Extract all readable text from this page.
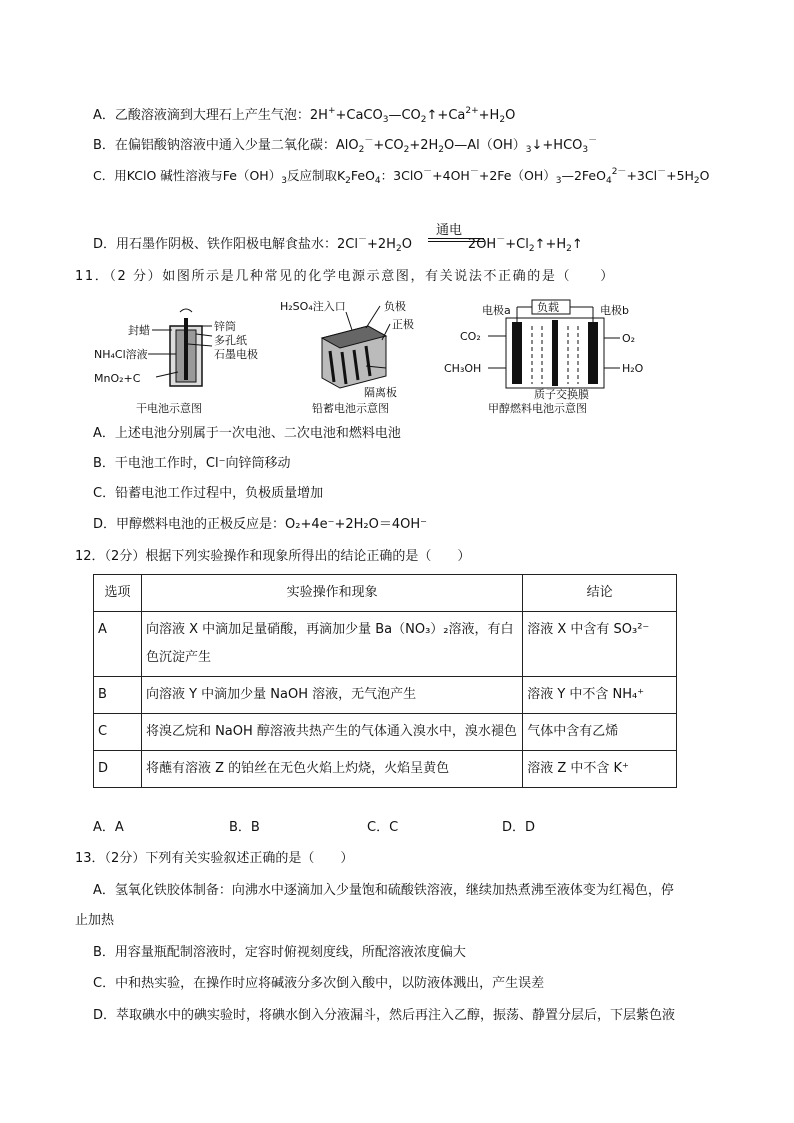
A．乙酸溶液滴到大理石上产生气泡：$2H^++CaCO_3—CO_2↑+Ca^{2+}+H_2O$
B．在偏铝酸钠溶液中通入少量二氧化碳：$AlO_2^-+CO_2+2H_2O—Al(OH)_3↓+HCO_3^-$
C．用KClO 碱性溶液与$Fe(OH)_3$反应制取$K_2FeO_4$：$3ClO^-+4OH^-+2Fe(OH)_3—2FeO_4^{2-}+3Cl^-+5H_2O$
通电
D．用石墨作阴极、铁作阳极电解食盐水：$2Cl^-+2H_2O$	$2OH^-+Cl_2↑+H_2↑$
11．（2 分）如图所示是几种常见的化学电源示意图，有关说法不正确的是（　　）
封蜡	锌筒
多孔纸
石墨电极
NH₄Cl溶液
MnO₂+C
干电池示意图
H₂SO₄注入口	负极
正极
隔离板
铅蓄电池示意图
电极a 负载	电极b
CO₂	O₂
CH₃OH	H₂O
质子交换膜
甲醇燃料电池示意图
A．上述电池分别属于一次电池、二次电池和燃料电池
B．干电池工作时，Cl⁻向锌筒移动
C．铅蓄电池工作过程中，负极质量增加
D．甲醇燃料电池的正极反应是：O₂+4e⁻+2H₂O＝4OH⁻
12．（2分）根据下列实验操作和现象所得出的结论正确的是（　　）
选项	实验操作和现象	结论
A	向溶液 X 中滴加足量硝酸，再滴加少量 Ba（NO₃）₂溶液，有白色沉淀产生	溶液 X 中含有 SO₃²⁻
B	向溶液 Y 中滴加少量 NaOH 溶液，无气泡产生	溶液 Y 中不含 NH₄⁺
C	将溴乙烷和 NaOH 醇溶液共热产生的气体通入溴水中，溴水褪色	气体中含有乙烯
D	将蘸有溶液 Z 的铂丝在无色火焰上灼烧，火焰呈黄色	溶液 Z 中不含 K⁺
A．A	B．B	C．C	D．D
13．（2分）下列有关实验叙述正确的是（　　）
A．氢氧化铁胶体制备：向沸水中逐滴加入少量饱和硫酸铁溶液，继续加热煮沸至液体变为红褐色，停
止加热
B．用容量瓶配制溶液时，定容时俯视刻度线，所配溶液浓度偏大
C．中和热实验，在操作时应将碱液分多次倒入酸中，以防液体溅出，产生误差
D．萃取碘水中的碘实验时，将碘水倒入分液漏斗，然后再注入乙醇，振荡、静置分层后，下层紫色液
